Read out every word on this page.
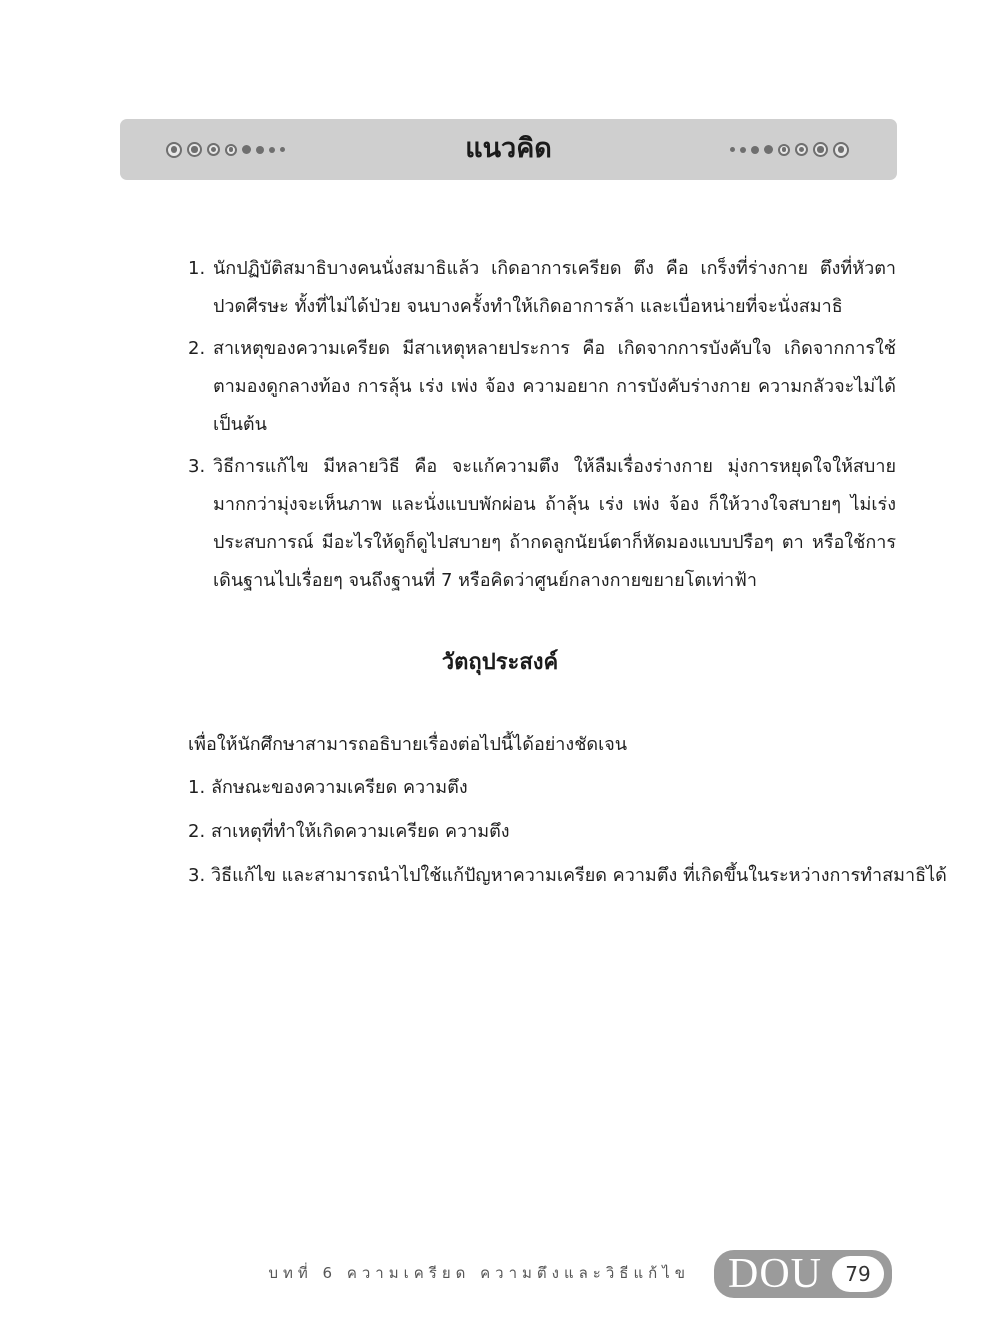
แนวคิด
1. นักปฏิบัติสมาธิบางคนนั่งสมาธิแล้ว เกิดอาการเครียด ตึง คือ เกร็งที่ร่างกาย ตึงที่หัวตา ปวดศีรษะ ทั้งที่ไม่ได้ป่วย จนบางครั้งทำให้เกิดอาการล้า และเบื่อหน่ายที่จะนั่งสมาธิ
2. สาเหตุของความเครียด มีสาเหตุหลายประการ คือ เกิดจากการบังคับใจ เกิดจากการใช้ตามองดูกลางท้อง การลุ้น เร่ง เพ่ง จ้อง ความอยาก การบังคับร่างกาย ความกลัวจะไม่ได้ เป็นต้น
3. วิธีการแก้ไข มีหลายวิธี คือ จะแก้ความตึง ให้ลืมเรื่องร่างกาย มุ่งการหยุดใจให้สบายมากกว่ามุ่งจะเห็นภาพ และนั่งแบบพักผ่อน ถ้าลุ้น เร่ง เพ่ง จ้อง ก็ให้วางใจสบายๆ ไม่เร่งประสบการณ์ มีอะไรให้ดูก็ดูไปสบายๆ ถ้ากดลูกนัยน์ตาก็หัดมองแบบปรือๆ ตา หรือใช้การเดินฐานไปเรื่อยๆ จนถึงฐานที่ 7 หรือคิดว่าศูนย์กลางกายขยายโตเท่าฟ้า
วัตถุประสงค์
เพื่อให้นักศึกษาสามารถอธิบายเรื่องต่อไปนี้ได้อย่างชัดเจน
1. ลักษณะของความเครียด ความตึง
2. สาเหตุที่ทำให้เกิดความเครียด ความตึง
3. วิธีแก้ไข และสามารถนำไปใช้แก้ปัญหาความเครียด ความตึง ที่เกิดขึ้นในระหว่างการทำสมาธิได้
บทที่ 6 ความเครียด ความตึงและวิธีแก้ไข DOU	79
